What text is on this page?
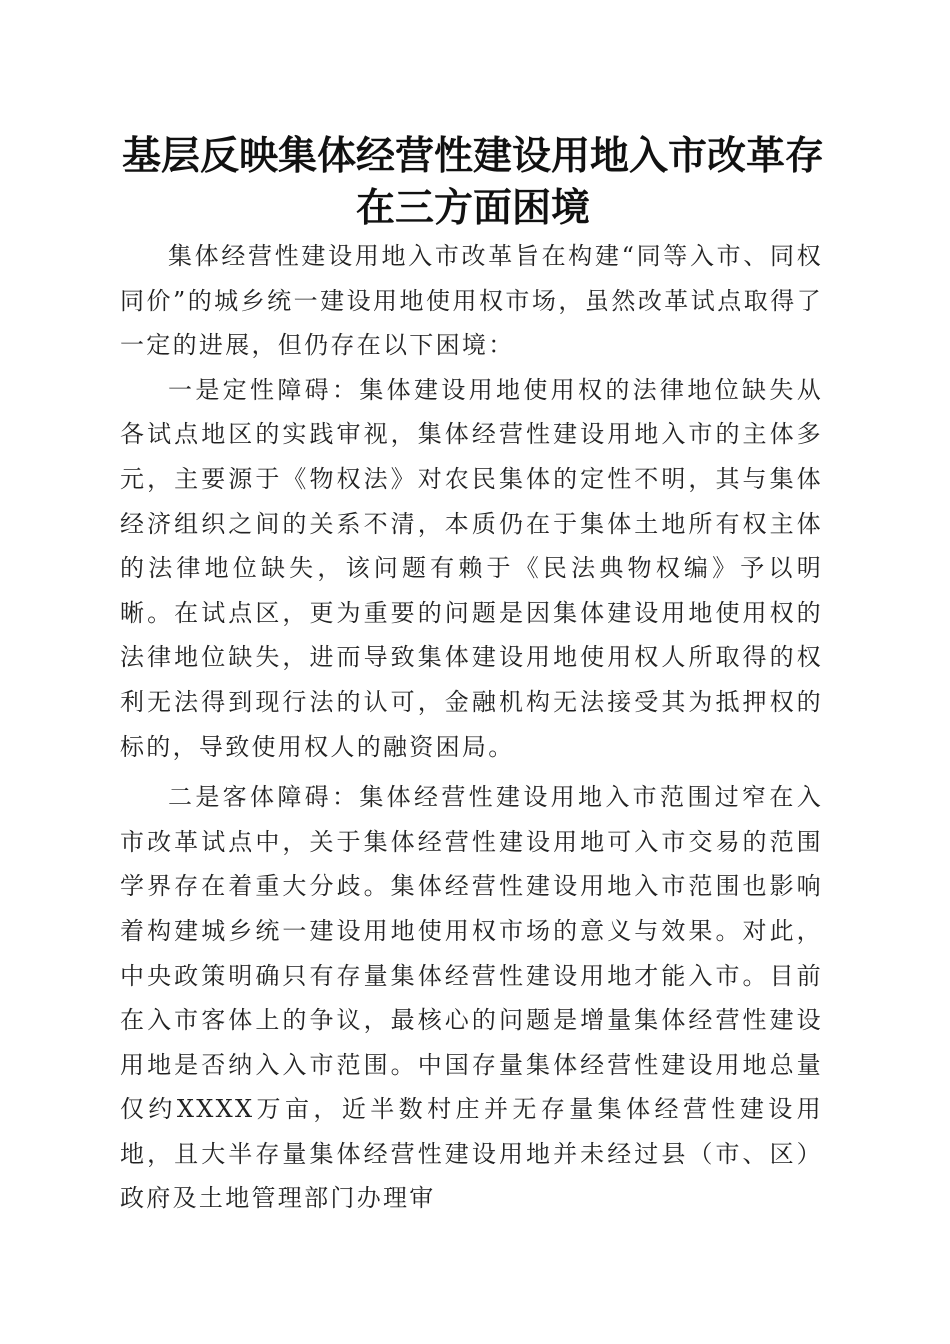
基层反映集体经营性建设用地入市改革存在三方面困境

集体经营性建设用地入市改革旨在构建“同等入市、同权同价”的城乡统一建设用地使用权市场，虽然改革试点取得了一定的进展，但仍存在以下困境：

一是定性障碍：集体建设用地使用权的法律地位缺失从各试点地区的实践审视，集体经营性建设用地入市的主体多元，主要源于《物权法》对农民集体的定性不明，其与集体经济组织之间的关系不清，本质仍在于集体土地所有权主体的法律地位缺失，该问题有赖于《民法典物权编》予以明晰。在试点区，更为重要的问题是因集体建设用地使用权的法律地位缺失，进而导致集体建设用地使用权人所取得的权利无法得到现行法的认可，金融机构无法接受其为抵押权的标的，导致使用权人的融资困局。

二是客体障碍：集体经营性建设用地入市范围过窄在入市改革试点中，关于集体经营性建设用地可入市交易的范围学界存在着重大分歧。集体经营性建设用地入市范围也影响着构建城乡统一建设用地使用权市场的意义与效果。对此，中央政策明确只有存量集体经营性建设用地才能入市。目前在入市客体上的争议，最核心的问题是增量集体经营性建设用地是否纳入入市范围。中国存量集体经营性建设用地总量仅约XXXX万亩，近半数村庄并无存量集体经营性建设用地，且大半存量集体经营性建设用地并未经过县（市、区）政府及土地管理部门办理审
